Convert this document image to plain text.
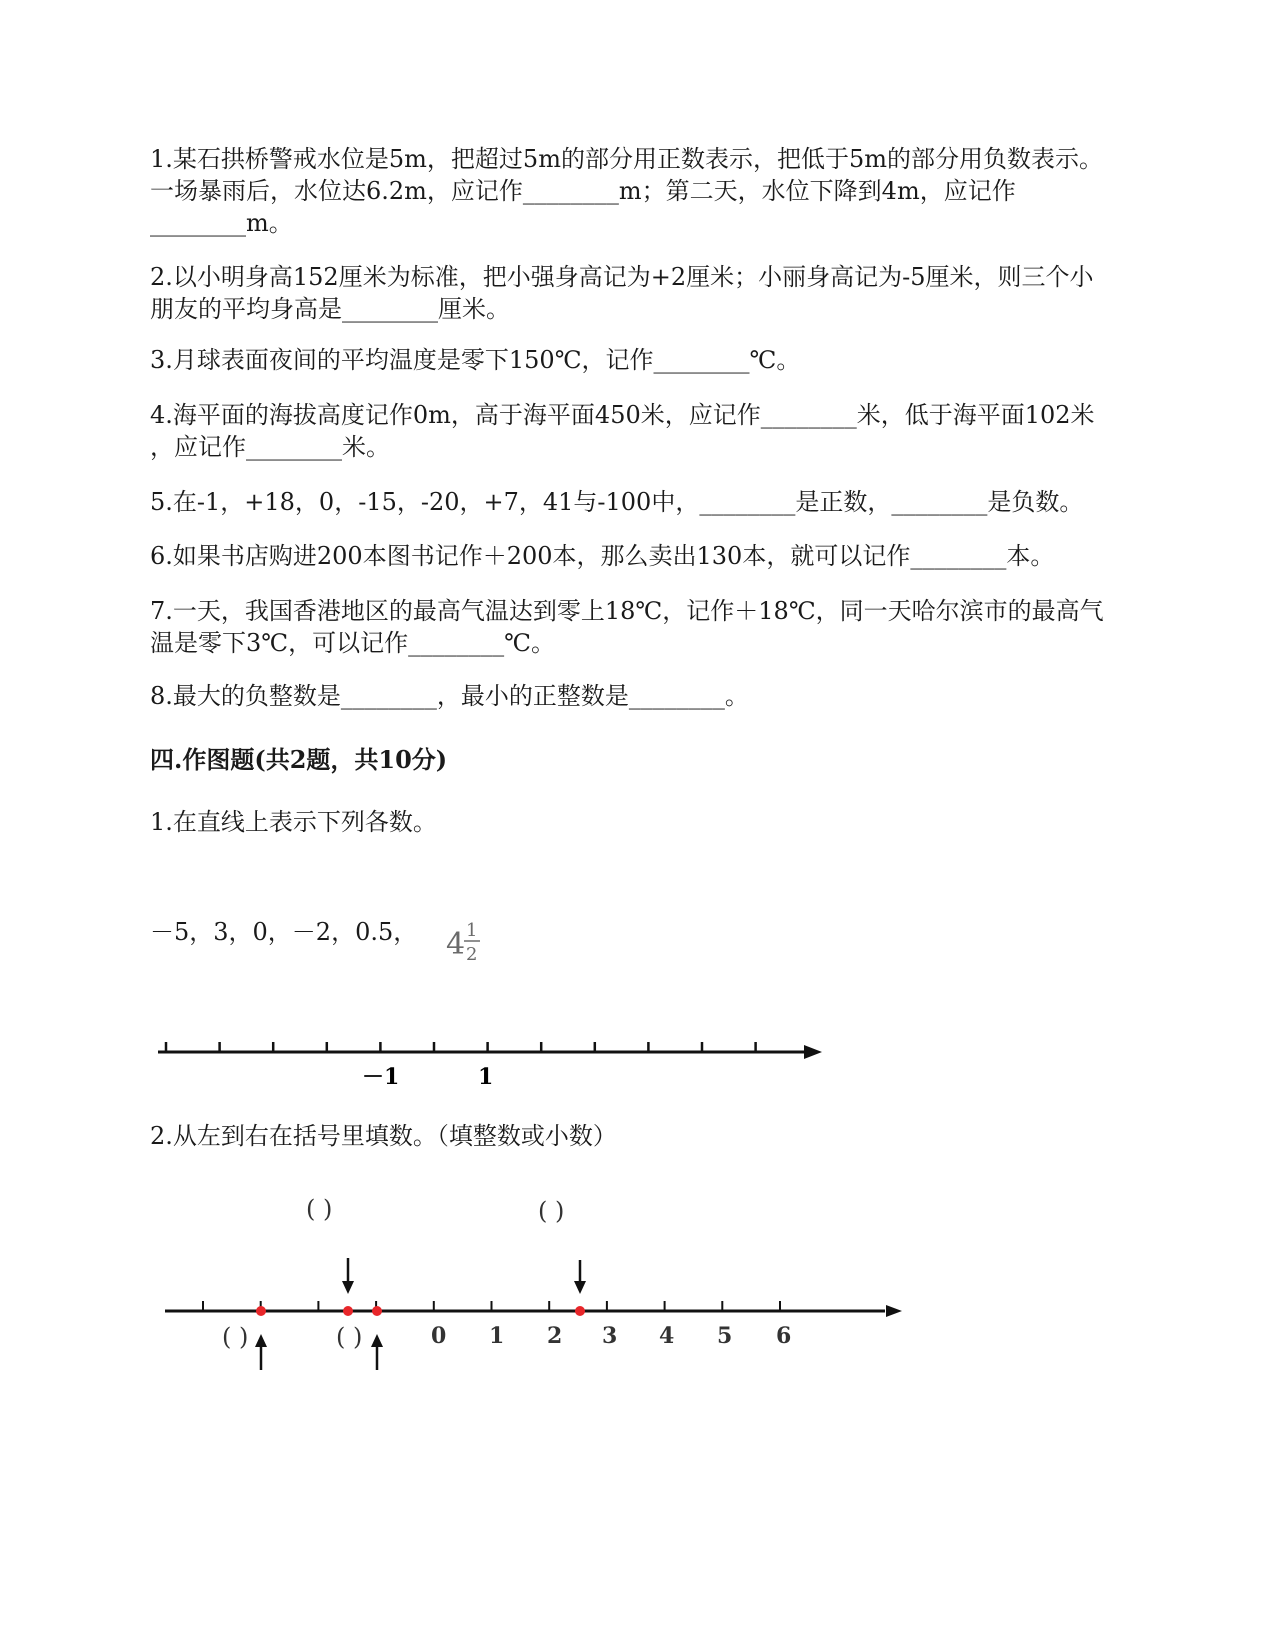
1.某石拱桥警戒水位是5m，把超过5m的部分用正数表示，把低于5m的部分用负数表示。
一场暴雨后，水位达6.2m，应记作________m；第二天，水位下降到4m，应记作
________m。

2.以小明身高152厘米为标准，把小强身高记为+2厘米；小丽身高记为-5厘米，则三个小
朋友的平均身高是________厘米。

3.月球表面夜间的平均温度是零下150℃，记作________℃。

4.海平面的海拔高度记作0m，高于海平面450米，应记作________米，低于海平面102米
，应记作________米。

5.在-1，+18，0，-15，-20，+7，41与-100中，________是正数，________是负数。

6.如果书店购进200本图书记作＋200本，那么卖出130本，就可以记作________本。

7.一天，我国香港地区的最高气温达到零上18℃，记作＋18℃，同一天哈尔滨市的最高气
温是零下3℃，可以记作________℃。

8.最大的负整数是________，最小的正整数是________。

四.作图题(共2题，共10分)

1.在直线上表示下列各数。

－5，3，0，－2，0.5， 4 1
2
－1	1

2.从左到右在括号里填数。（填整数或小数）

0 1 2 3 4 5 6
( )	( )
( )	( )
